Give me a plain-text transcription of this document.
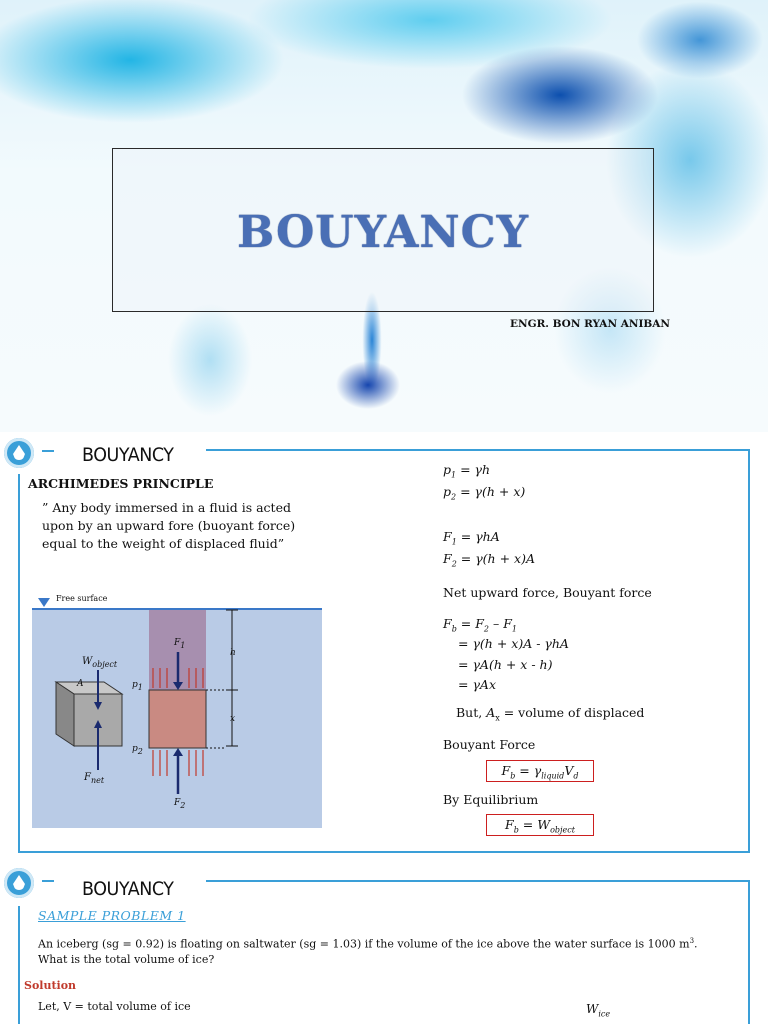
BOUYANCY
ENGR. BON RYAN ANIBAN
BOUYANCY
ARCHIMEDES PRINCIPLE
” Any body immersed in a fluid is acted upon by an upward fore (buoyant force) equal to the weight of displaced fluid”
$p_1 = \gamma h$
$p_2 = \gamma(h + x)$
$F_1 = \gamma hA$
$F_2 = \gamma(h + x)A$
Net upward force, Bouyant force
$F_b = F_2 - F_1$
= γ(h + x)A - γhA
= γA(h + x - h)
= γAx
But, $A_x$ = volume of displaced
Bouyant Force
$F_b = \gamma_{liquid}V_d$
By Equilibrium
$F_b = W_{object}$
Free surface
$W_{object}$
A
$F_{net}$
$p_1$
$p_2$
$F_1$
$F_2$
h
x
BOUYANCY
SAMPLE PROBLEM 1
An iceberg (sg = 0.92) is floating on saltwater (sg = 1.03) if the volume of the ice above the water surface is 1000 $m^3$. What is the total volume of ice?
Solution
Let, V = total volume of ice	$W_{ice}$
